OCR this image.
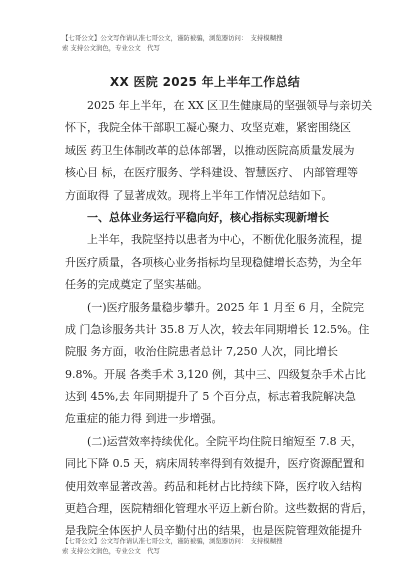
【七哥公文】公文写作请认准七哥公文，谨防被骗，浏览器访问：　支持模糊搜
索 支持公文润色，专业公文　代写
XX 医院 2025 年上半年工作总结
2025 年上半年，在 XX 区卫生健康局的坚强领导与亲切关
怀下，我院全体干部职工凝心聚力、攻坚克难，紧密围绕区
域医 药卫生体制改革的总体部署，以推动医院高质量发展为
核心目 标，在医疗服务、学科建设、智慧医疗、 内部管理等
方面取得 了显著成效。现将上半年工作情况总结如下。
一、总体业务运行平稳向好，核心指标实现新增长
上半年，我院坚持以患者为中心，不断优化服务流程，提
升医疗质量，各项核心业务指标均呈现稳健增长态势，为全年
任务的完成奠定了坚实基础。
(一)医疗服务量稳步攀升。2025 年 1 月至 6 月，全院完
成 门急诊服务共计 35.8 万人次，较去年同期增长 12.5%。住
院服 务方面，收治住院患者总计 7,250 人次，同比增长
9.8%。开展 各类手术 3,120 例，其中三、四级复杂手术占比
达到 45%,去 年同期提升了 5 个百分点，标志着我院解决急
危重症的能力得 到进一步增强。
(二)运营效率持续优化。全院平均住院日缩短至 7.8 天，
同比下降 0.5 天，病床周转率得到有效提升，医疗资源配置和
使用效率显著改善。药品和耗材占比持续下降，医疗收入结构
更趋合理，医院精细化管理水平迈上新台阶。这些数据的背后，
是我院全体医护人员辛勤付出的结果，也是医院管理效能提升
【七哥公文】公文写作请认准七哥公文，谨防被骗，浏览器访问：　支持模糊搜
索 支持公文润色，专业公文　代写
